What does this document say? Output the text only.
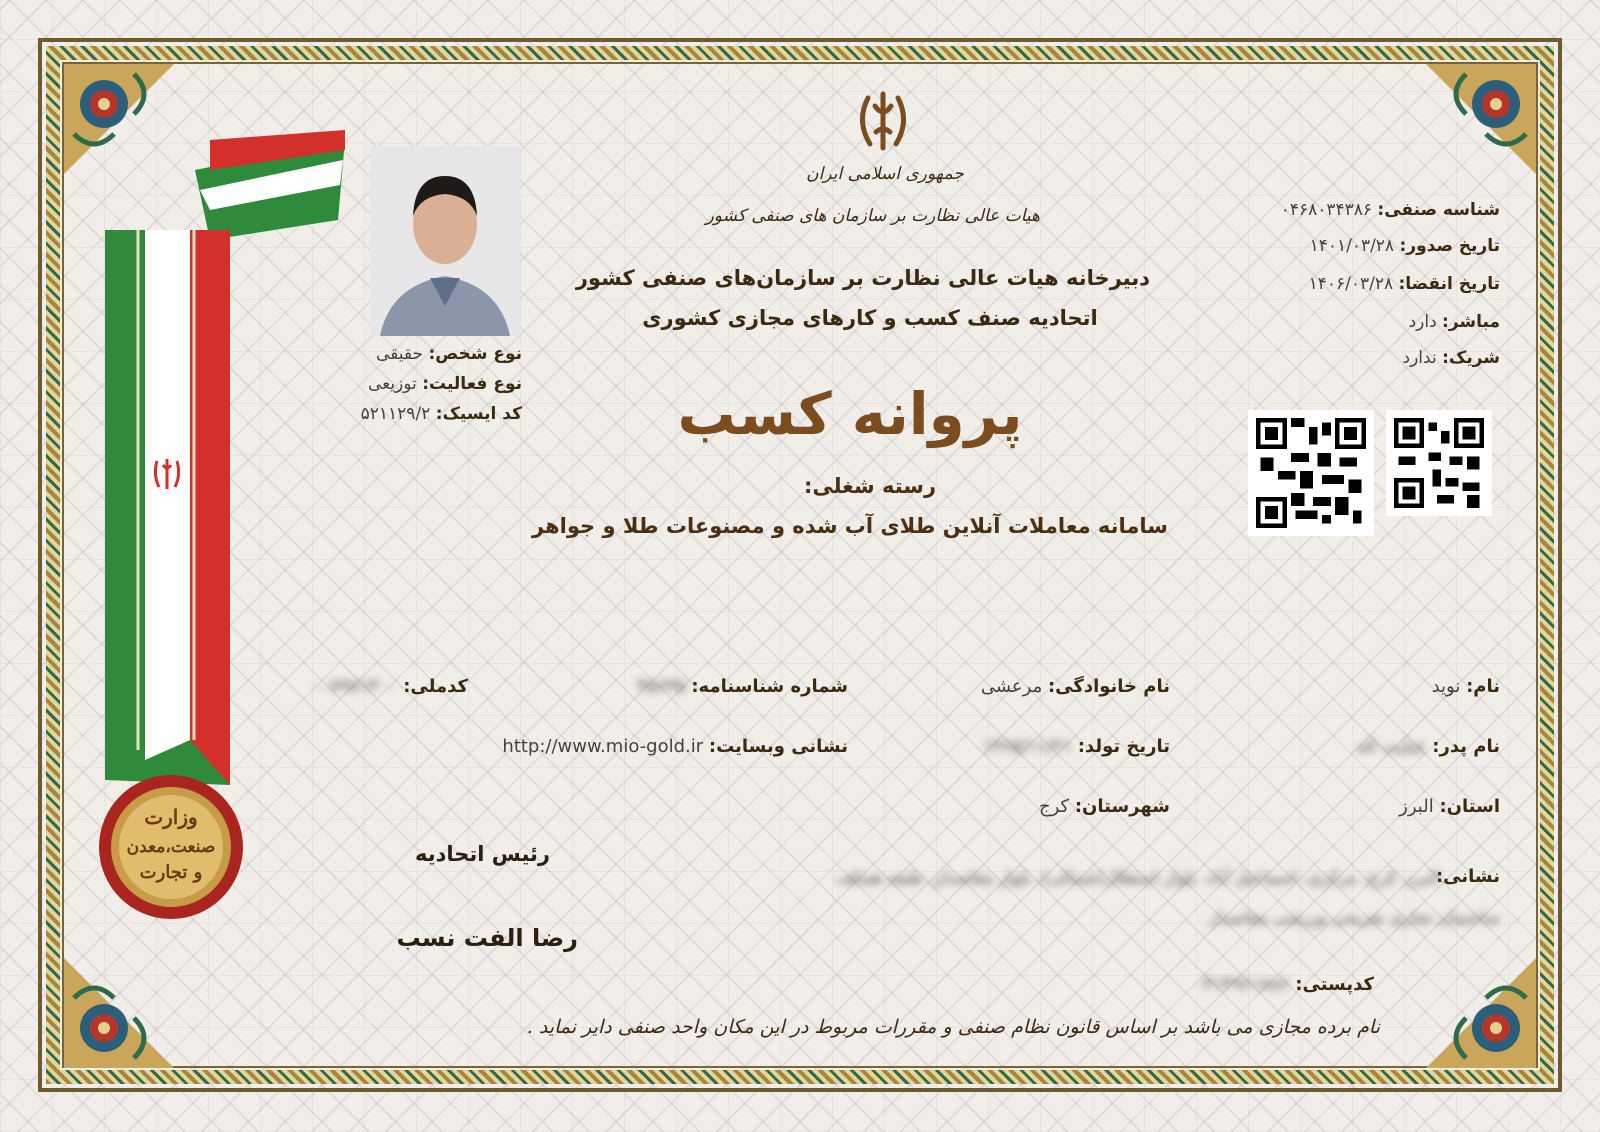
وزارت
صنعت،معدن
و تجارت
نوع شخص: حقیقی
نوع فعالیت: توزیعی
کد ایسیک: ۵۲۱۱۲۹/۲
جمهوری اسلامی ایران
هیات عالی نظارت بر سازمان های صنفی کشور
دبیرخانه هیات عالی نظارت بر سازمان‌های صنفی کشور
اتحادیه صنف کسب و کارهای مجازی کشوری
پروانه کسب
رسته شغلی:
سامانه معاملات آنلاین طلای آب شده و مصنوعات طلا و جواهر
شناسه صنفی: ۰۴۶۸۰۳۴۳۸۶
تاریخ صدور: ۱۴۰۱/۰۳/۲۸
تاریخ انقضا: ۱۴۰۶/۰۳/۲۸
مباشر: دارد
شریک: ندارد
نام: نوید
نام خانوادگی: مرعشی
شماره شناسنامه: ۳۵۶۳۵
کدملی: ۰۰۷۹۷۱۳۰۰
نام پدر: عنایت اله
تاریخ تولد: ۱۳۶۵/۱۱/۲۱
نشانی وبسایت: http://www.mio-gold.ir
استان: البرز
شهرستان: کرج
نشانی:
البرز، کرج، مرکزی، اسماعیل آباد، بلوار استقلال(شمالی)، بلوار مقاصدار، طبقه همکف
ساختمان تجاری تفریحی ورزشی مقاصدار
کدپستی: ۳۱۴۹۶۱۸۸۶
رئیس اتحادیه
رضا الفت نسب
نام برده مجازی می باشد بر اساس قانون نظام صنفی و مقررات مربوط در این مکان واحد صنفی دایر نماید .
